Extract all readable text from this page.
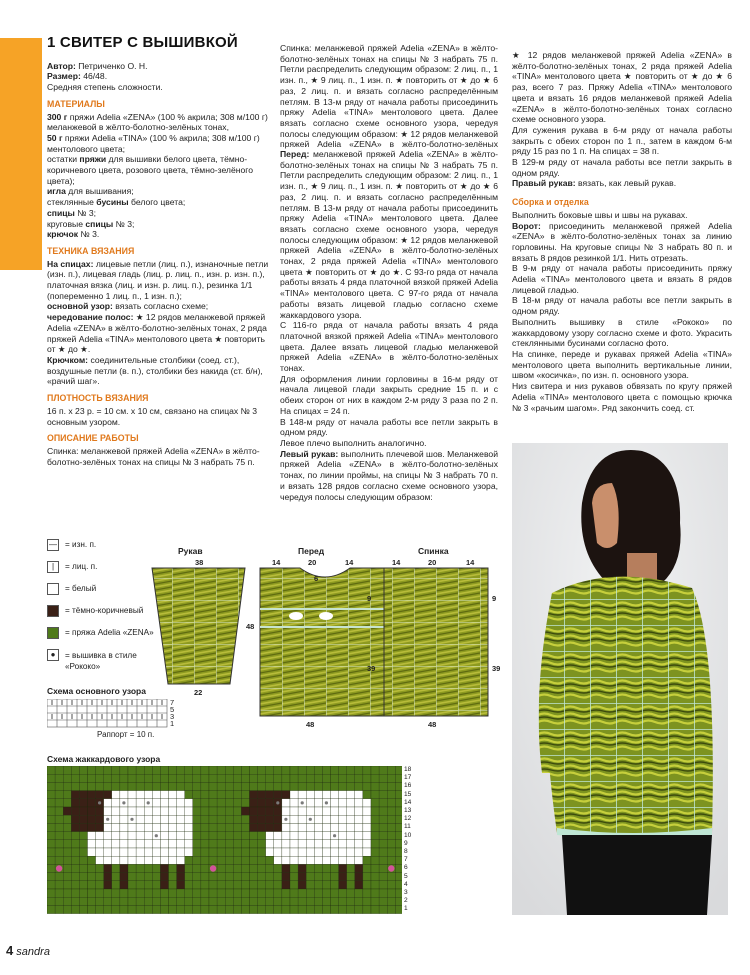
1 СВИТЕР С ВЫШИВКОЙ

Автор: Петриченко О. Н.

Размер: 46/48.

Средняя степень сложности.

МАТЕРИАЛЫ

300 г пряжи Adelia «ZENA» (100 % акрила; 308 м/100 г) меланжевой в жёлто-болотно-зелёных тонах,

50 г пряжи Adelia «TINA» (100 % акрила; 308 м/100 г) ментолового цвета;

остатки пряжи для вышивки белого цвета, тёмно-коричневого цвета, розового цвета, тёмно-зелёного цвета);

игла для вышивания;

стеклянные бусины белого цвета;

спицы № 3;

круговые спицы № 3;

крючок № 3.

ТЕХНИКА ВЯЗАНИЯ

На спицах: лицевые петли (лиц. п.), изнаночные петли (изн. п.), лицевая гладь (лиц. р. лиц. п., изн. р. изн. п.), платочная вязка (лиц. и изн. р. лиц. п.), резинка 1/1 (попеременно 1 лиц. п., 1 изн. п.);

основной узор: вязать согласно схеме;

чередование полос: ★ 12 рядов меланжевой пряжей Adelia «ZENA» в жёлто-болотно-зелёных тонах, 2 ряда пряжей Adelia «TINA» ментолового цвета ★ повторить от ★ до ★.

Крючком: соединительные столбики (соед. ст.), воздушные петли (в. п.), столбики без накида (ст. б/н), «рачий шаг».

ПЛОТНОСТЬ ВЯЗАНИЯ

16 п. х 23 р. = 10 см. х 10 см, связано на спицах № 3 основным узором.

ОПИСАНИЕ РАБОТЫ

Спинка: меланжевой пряжей Adelia «ZENA» в жёлто-болотно-зелёных тонах на спицы № 3 набрать 75 п.

— = изн. п.
|	= лиц. п.
= белый
= тёмно-коричневый
= пряжа Adelia «ZENA»
●	= вышивка в стиле «Рококо»
Рукав	Перед	Спинка
38
48
22
14	20	14
6
9
39
48
14	20	14
9
39
48
Схема основного узора
7
5
3
1
Раппорт = 10 п.
Схема жаккардового узора
18
17
16
15
14
13
12
11
10
9
8
7
6
5
4
3
2
1

Спинка: меланжевой пряжей Adelia «ZENA» в жёлто-болотно-зелёных тонах на спицы № 3 набрать 75 п. Петли распределить следующим образом: 2 лиц. п., 1 изн. п., ★ 9 лиц. п., 1 изн. п. ★ повторить от ★ до ★ 6 раз, 2 лиц. п. и вязать согласно распределённым петлям. В 13-м ряду от начала работы присоединить пряжу Adelia «TINA» ментолового цвета. Далее вязать согласно схеме основного узора, чередуя полосы следующим образом: ★ 12 рядов меланжевой пряжей Adelia «ZENA» в жёлто-болотно-зелёных

Перед: меланжевой пряжей Adelia «ZENA» в жёлто-болотно-зелёных тонах на спицы № 3 набрать 75 п. Петли распределить следующим образом: 2 лиц. п., 1 изн. п., ★ 9 лиц. п., 1 изн. п. ★ повторить от ★ до ★ 6 раз, 2 лиц. п. и вязать согласно распределённым петлям. В 13-м ряду от начала работы присоединить пряжу Adelia «TINA» ментолового цвета. Далее вязать согласно схеме основного узора, чередуя полосы следующим образом: ★ 12 рядов меланжевой пряжей Adelia «ZENA» в жёлто-болотно-зелёных тонах, 2 ряда пряжей Adelia «TINA» ментолового цвета ★ повторить от ★ до ★. С 93-го ряда от начала работы вязать 4 ряда платочной вязкой пряжей Adelia «TINA» ментолового цвета. С 97-го ряда от начала работы вязать лицевой гладью согласно схеме жаккардового узора.

С 116-го ряда от начала работы вязать 4 ряда платочной вязкой пряжей Adelia «TINA» ментолового цвета. Далее вязать лицевой гладью меланжевой пряжей Adelia «ZENA» в жёлто-болотно-зелёных тонах.

Для оформления линии горловины в 16-м ряду от начала лицевой глади закрыть средние 15 п. и с обеих сторон от них в каждом 2-м ряду 3 раза по 2 п. На спицах = 24 п.

В 148-м ряду от начала работы все петли закрыть в одном ряду.

Левое плечо выполнить аналогично.

Левый рукав: выполнить плечевой шов. Меланжевой пряжей Adelia «ZENA» в жёлто-болотно-зелёных тонах, по линии проймы, на спицы № 3 набрать 70 п. и вязать 128 рядов согласно схеме основного узора, чередуя полосы следующим образом:

★ 12 рядов меланжевой пряжей Adelia «ZENA» в жёлто-болотно-зелёных тонах, 2 ряда пряжей Adelia «TINA» ментолового цвета ★ повторить от ★ до ★ 6 раз, всего 7 раз. Пряжу Adelia «TINA» ментолового цвета и вязать 16 рядов меланжевой пряжей Adelia «ZENA» в жёлто-болотно-зелёных тонах согласно схеме основного узора.

Для сужения рукава в 6-м ряду от начала работы закрыть с обеих сторон по 1 п., затем в каждом 6-м ряду 15 раз по 1 п. На спицах = 38 п.

В 129-м ряду от начала работы все петли закрыть в одном ряду.

Правый рукав: вязать, как левый рукав.

Сборка и отделка

Выполнить боковые швы и швы на рукавах.

Ворот: присоединить меланжевой пряжей Adelia «ZENA» в жёлто-болотно-зелёных тонах за линию горловины. На круговые спицы № 3 набрать 80 п. и вязать 8 рядов резинкой 1/1. Нить отрезать.

В 9-м ряду от начала работы присоединить пряжу Adelia «TINA» ментолового цвета и вязать 8 рядов лицевой гладью.

В 18-м ряду от начала работы все петли закрыть в одном ряду.

Выполнить вышивку в стиле «Рококо» по жаккардовому узору согласно схеме и фото. Украсить стеклянными бусинами согласно фото.

На спинке, переде и рукавах пряжей Adelia «TINA» ментолового цвета выполнить вертикальные линии, швом «косичка», по изн. п. основного узора.

Низ свитера и низ рукавов обвязать по кругу пряжей Adelia «TINA» ментолового цвета с помощью крючка № 3 «рачьим шагом». Ряд закончить соед. ст.

4 sandra
